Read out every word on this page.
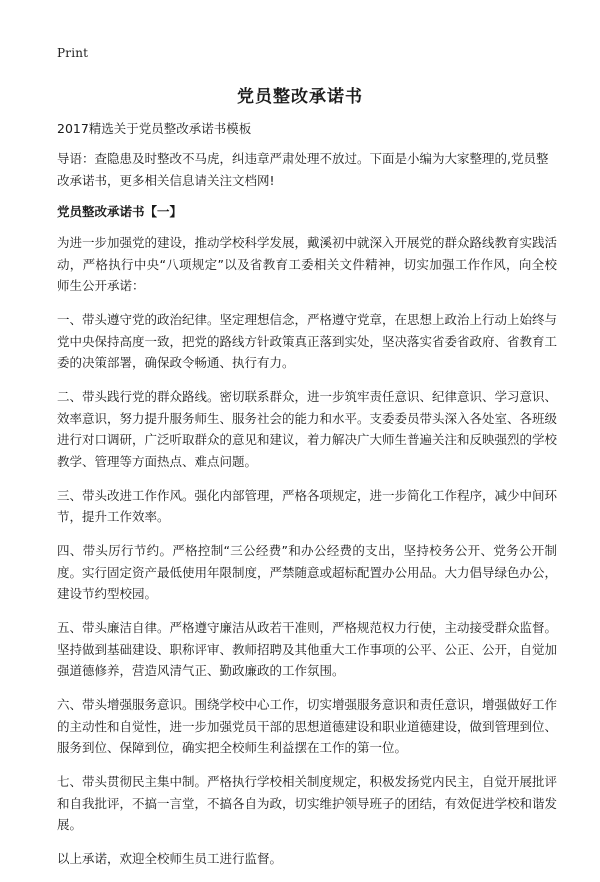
Print
党员整改承诺书
2017精选关于党员整改承诺书模板
导语：查隐患及时整改不马虎，纠违章严肃处理不放过。下面是小编为大家整理的,党员整改承诺书，更多相关信息请关注文档网!
党员整改承诺书【一】

为进一步加强党的建设，推动学校科学发展，戴溪初中就深入开展党的群众路线教育实践活动，严格执行中央“八项规定”以及省教育工委相关文件精神，切实加强工作作风，向全校师生公开承诺：

一、带头遵守党的政治纪律。坚定理想信念，严格遵守党章，在思想上政治上行动上始终与党中央保持高度一致，把党的路线方针政策真正落到实处，坚决落实省委省政府、省教育工委的决策部署，确保政令畅通、执行有力。

二、带头践行党的群众路线。密切联系群众，进一步筑牢责任意识、纪律意识、学习意识、效率意识，努力提升服务师生、服务社会的能力和水平。支委委员带头深入各处室、各班级进行对口调研，广泛听取群众的意见和建议，着力解决广大师生普遍关注和反映强烈的学校教学、管理等方面热点、难点问题。

三、带头改进工作作风。强化内部管理，严格各项规定，进一步简化工作程序，减少中间环节，提升工作效率。

四、带头厉行节约。严格控制“三公经费”和办公经费的支出，坚持校务公开、党务公开制度。实行固定资产最低使用年限制度，严禁随意或超标配置办公用品。大力倡导绿色办公，建设节约型校园。

五、带头廉洁自律。严格遵守廉洁从政若干准则，严格规范权力行使，主动接受群众监督。坚持做到基础建设、职称评审、教师招聘及其他重大工作事项的公平、公正、公开，自觉加强道德修养，营造风清气正、勤政廉政的工作氛围。

六、带头增强服务意识。围绕学校中心工作，切实增强服务意识和责任意识，增强做好工作的主动性和自觉性，进一步加强党员干部的思想道德建设和职业道德建设，做到管理到位、服务到位、保障到位，确实把全校师生利益摆在工作的第一位。

七、带头贯彻民主集中制。严格执行学校相关制度规定，积极发扬党内民主，自觉开展批评和自我批评，不搞一言堂，不搞各自为政，切实维护领导班子的团结，有效促进学校和谐发展。

以上承诺，欢迎全校师生员工进行监督。
